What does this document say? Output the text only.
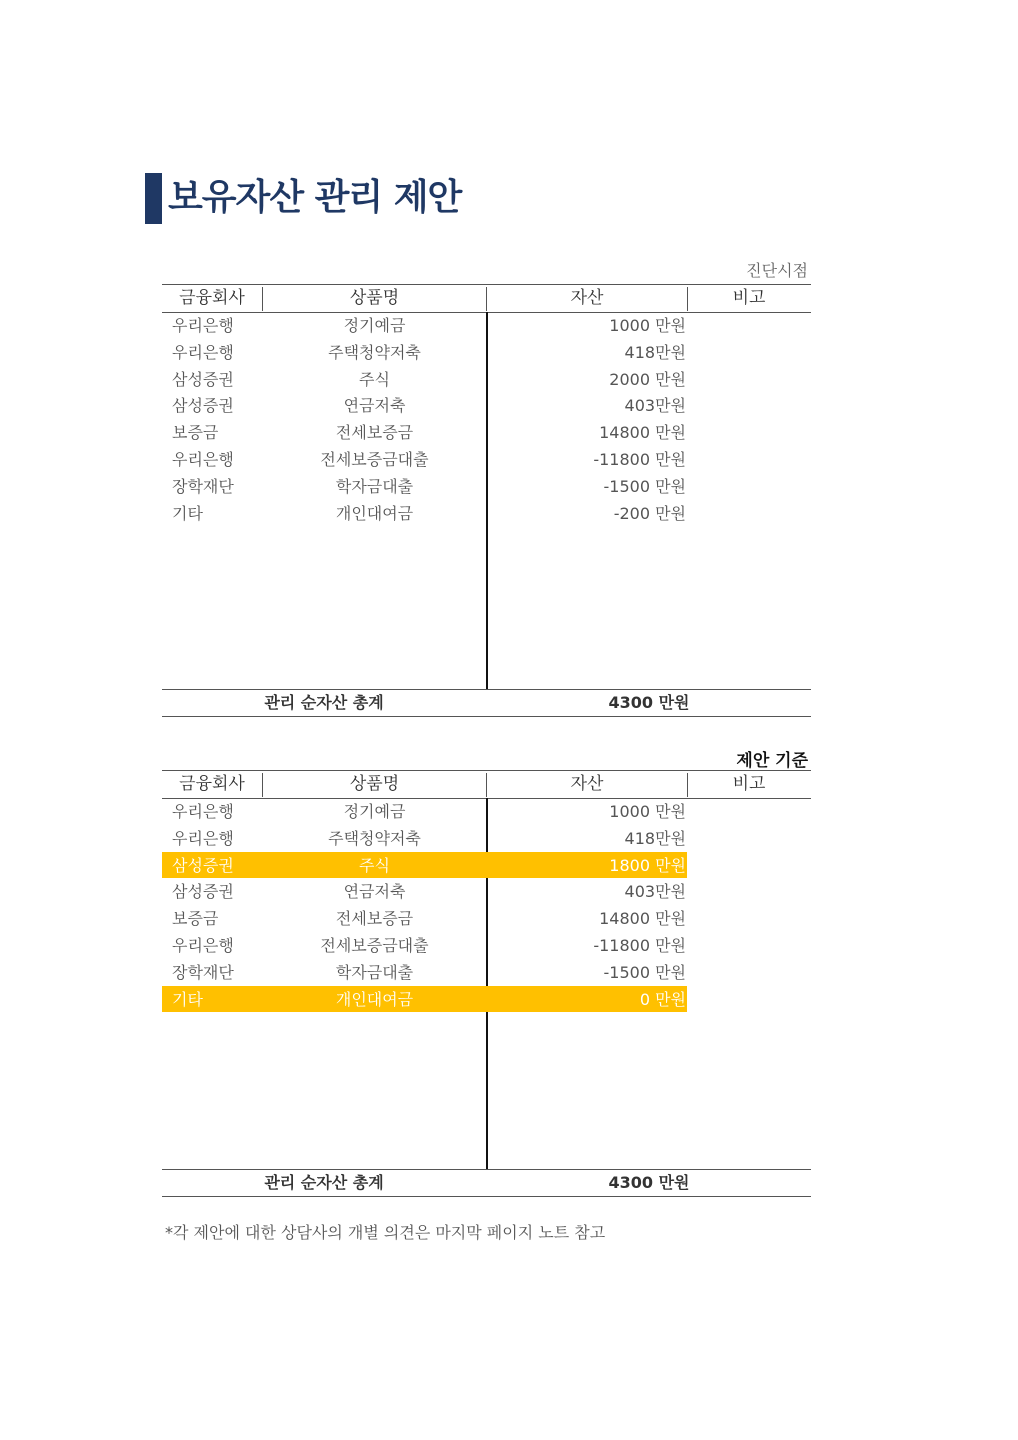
보유자산 관리 제안
진단시점
금융회사	상품명	자산	비고
우리은행	정기예금	1000 만원
우리은행	주택청약저축	418만원
삼성증권	주식	2000 만원
삼성증권	연금저축	403만원
보증금	전세보증금	14800 만원
우리은행	전세보증금대출	-11800 만원
장학재단	학자금대출	-1500 만원
기타	개인대여금	-200 만원
관리 순자산 총계	4300 만원
제안 기준
금융회사	상품명	자산	비고
우리은행	정기예금	1000 만원
우리은행	주택청약저축	418만원
삼성증권	주식	1800 만원
삼성증권	연금저축	403만원
보증금	전세보증금	14800 만원
우리은행	전세보증금대출	-11800 만원
장학재단	학자금대출	-1500 만원
기타	개인대여금	0 만원
관리 순자산 총계	4300 만원
*각 제안에 대한 상담사의 개별 의견은 마지막 페이지 노트 참고
